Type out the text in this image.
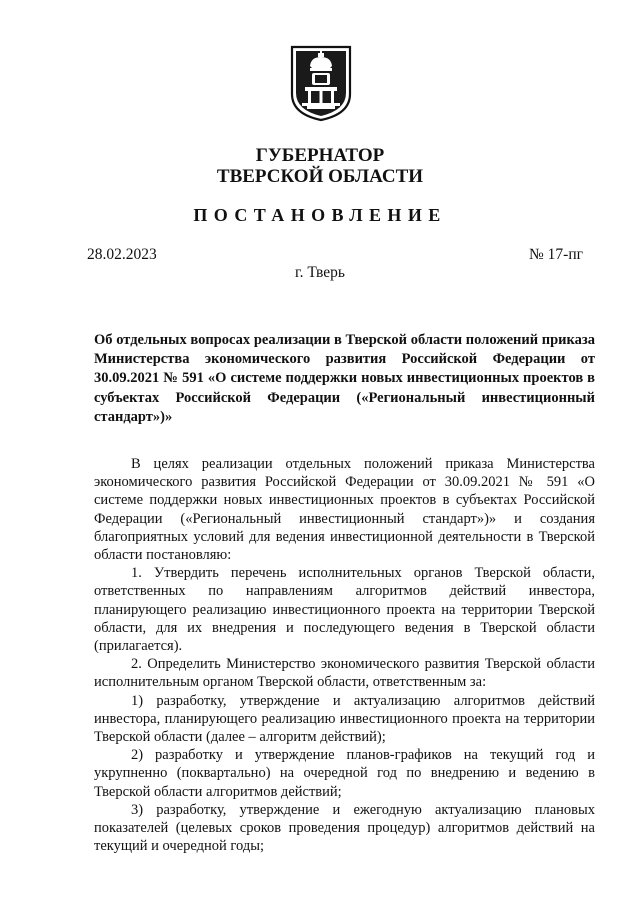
ГУБЕРНАТОР
ТВЕРСКОЙ ОБЛАСТИ
ПОСТАНОВЛЕНИЕ
28.02.2023	№ 17-пг
г. Тверь
Об отдельных вопросах реализации в Тверской области положений приказа Министерства экономического развития Российской Федерации от 30.09.2021 № 591 «О системе поддержки новых инвестиционных проектов в субъектах Российской Федерации («Региональный инвестиционный стандарт»)»

В целях реализации отдельных положений приказа Министерства экономического развития Российской Федерации от 30.09.2021 № 591 «О системе поддержки новых инвестиционных проектов в субъектах Российской Федерации («Региональный инвестиционный стандарт»)» и создания благоприятных условий для ведения инвестиционной деятельности в Тверской области постановляю:

1. Утвердить перечень исполнительных органов Тверской области, ответственных по направлениям алгоритмов действий инвестора, планирующего реализацию инвестиционного проекта на территории Тверской области, для их внедрения и последующего ведения в Тверской области (прилагается).

2. Определить Министерство экономического развития Тверской области исполнительным органом Тверской области, ответственным за:

1) разработку, утверждение и актуализацию алгоритмов действий инвестора, планирующего реализацию инвестиционного проекта на территории Тверской области (далее – алгоритм действий);

2) разработку и утверждение планов-графиков на текущий год и укрупненно (поквартально) на очередной год по внедрению и ведению в Тверской области алгоритмов действий;

3) разработку, утверждение и ежегодную актуализацию плановых показателей (целевых сроков проведения процедур) алгоритмов действий на текущий и очередной годы;
